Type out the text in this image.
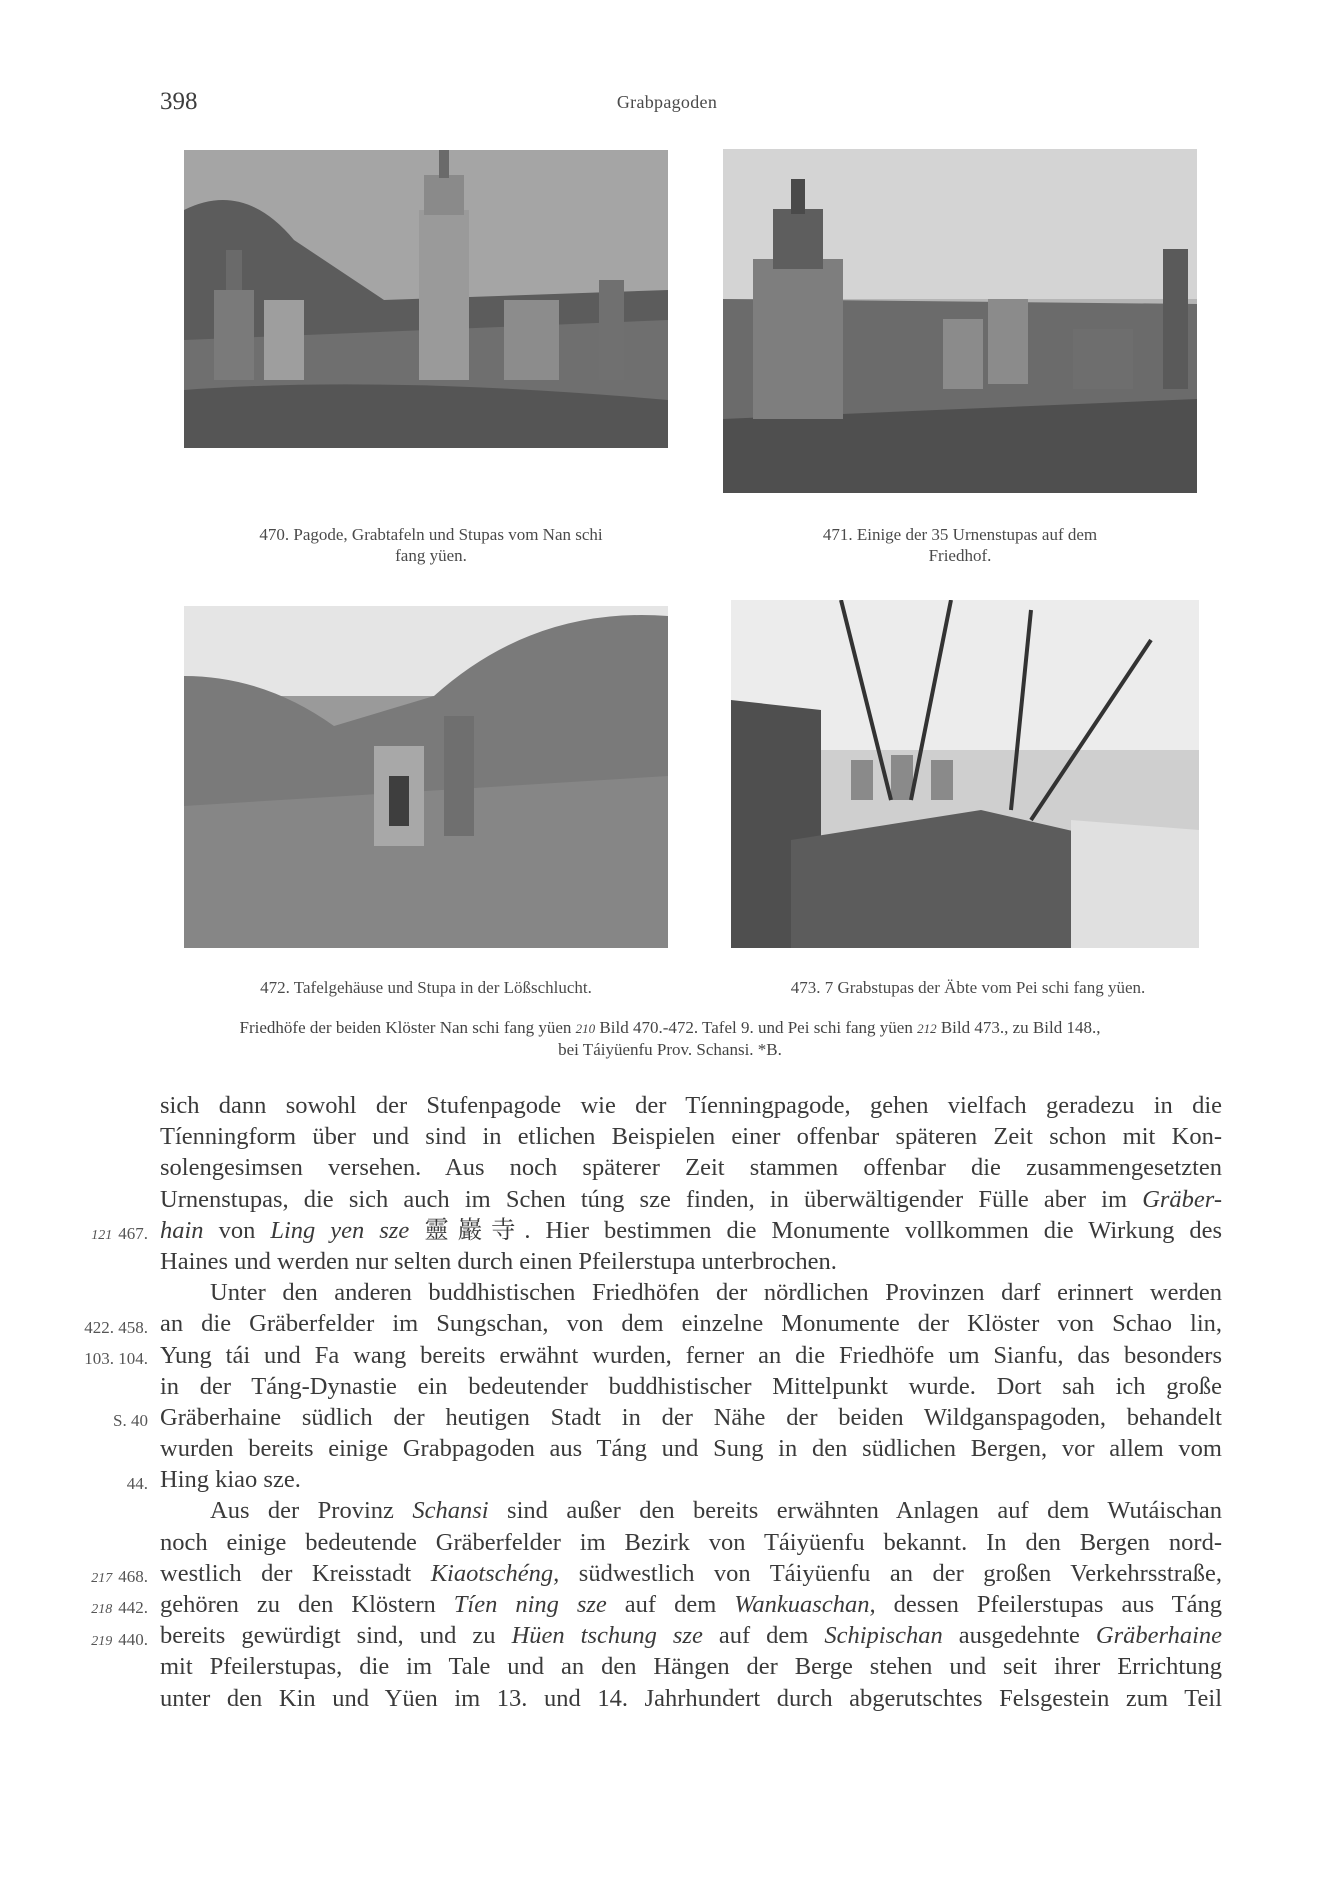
398	Grabpagoden
470. Pagode, Grabtafeln und Stupas vom Nan schi
fang yüen.
471. Einige der 35 Urnenstupas auf dem
Friedhof.
472. Tafelgehäuse und Stupa in der Lößschlucht.	473. 7 Grabstupas der Äbte vom Pei schi fang yüen.
Friedhöfe der beiden Klöster Nan schi fang yüen 210 Bild 470.-472. Tafel 9. und Pei schi fang yüen 212 Bild 473., zu Bild 148.,
bei Táiyüenfu Prov. Schansi. *B.
121 467.
422. 458.
103. 104.
S. 40
44.
217 468.
218 442.
219 440.
sich dann sowohl der Stufenpagode wie der Tíenningpagode, gehen vielfach geradezu in die
Tíenningform über und sind in etlichen Beispielen einer offenbar späteren Zeit schon mit Kon-
solengesimsen versehen. Aus noch späterer Zeit stammen offenbar die zusammengesetzten
Urnenstupas, die sich auch im Schen túng sze finden, in überwältigender Fülle aber im Gräber-
hain von Ling yen sze 靈巖寺. Hier bestimmen die Monumente vollkommen die Wirkung des
Haines und werden nur selten durch einen Pfeilerstupa unterbrochen.
Unter den anderen buddhistischen Friedhöfen der nördlichen Provinzen darf erinnert werden
an die Gräberfelder im Sungschan, von dem einzelne Monumente der Klöster von Schao lin,
Yung tái und Fa wang bereits erwähnt wurden, ferner an die Friedhöfe um Sianfu, das besonders
in der Táng-Dynastie ein bedeutender buddhistischer Mittelpunkt wurde. Dort sah ich große
Gräberhaine südlich der heutigen Stadt in der Nähe der beiden Wildganspagoden, behandelt
wurden bereits einige Grabpagoden aus Táng und Sung in den südlichen Bergen, vor allem vom
Hing kiao sze.
Aus der Provinz Schansi sind außer den bereits erwähnten Anlagen auf dem Wutáischan
noch einige bedeutende Gräberfelder im Bezirk von Táiyüenfu bekannt. In den Bergen nord-
westlich der Kreisstadt Kiaotschéng, südwestlich von Táiyüenfu an der großen Verkehrsstraße,
gehören zu den Klöstern Tíen ning sze auf dem Wankuaschan, dessen Pfeilerstupas aus Táng
bereits gewürdigt sind, und zu Hüen tschung sze auf dem Schipischan ausgedehnte Gräberhaine
mit Pfeilerstupas, die im Tale und an den Hängen der Berge stehen und seit ihrer Errichtung
unter den Kin und Yüen im 13. und 14. Jahrhundert durch abgerutschtes Felsgestein zum Teil
